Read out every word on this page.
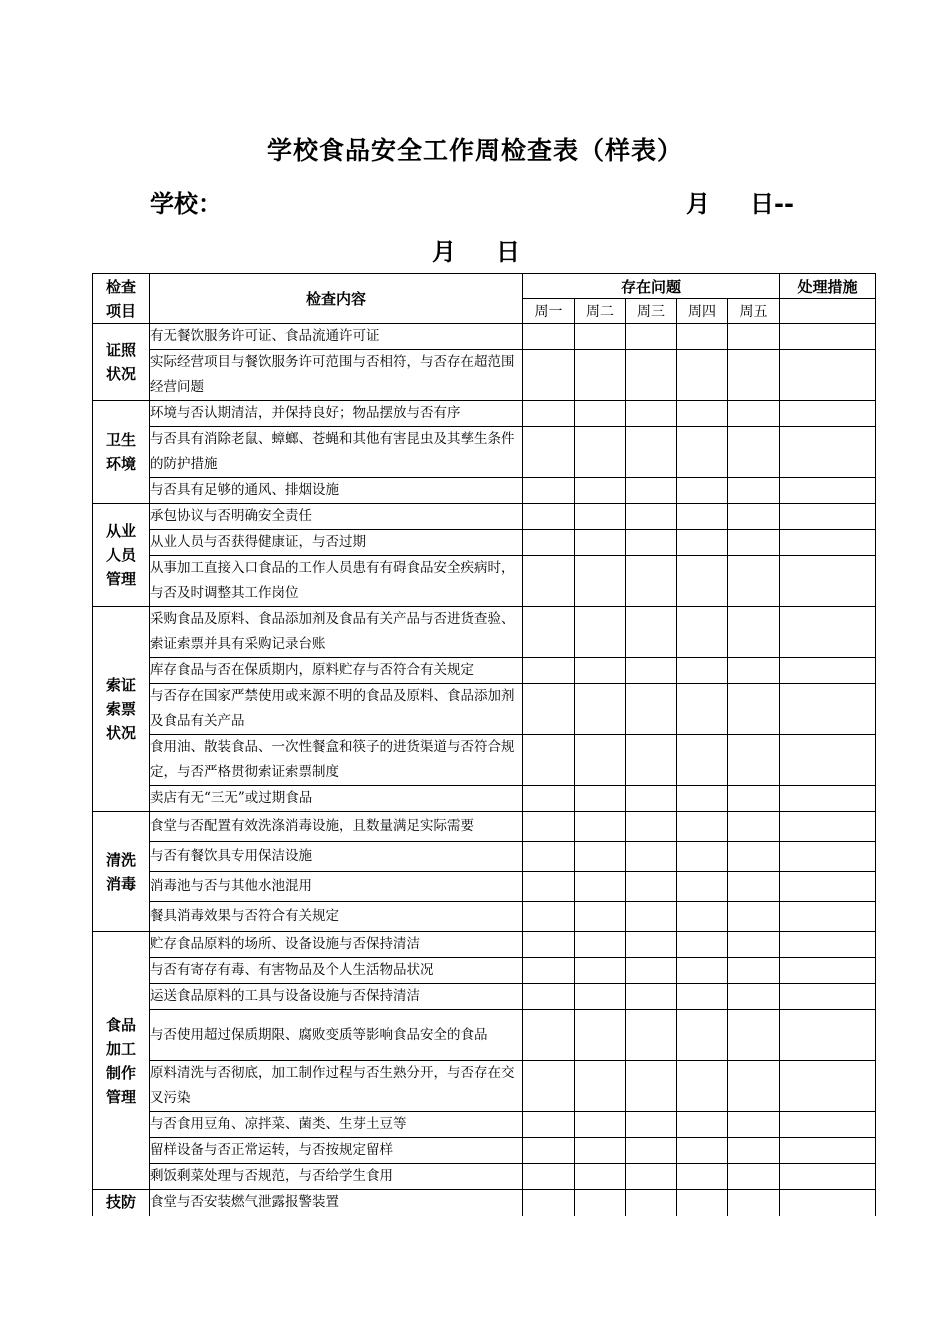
学校食品安全工作周检查表（样表）
学校：	月 日--
月 日
检查
项目	检查内容	存在问题					处理措施
		周一	周二	周三	周四	周五	
证照
状况	有无餐饮服务许可证、食品流通许可证						
	实际经营项目与餐饮服务许可范围与否相符，与否存在超范围经营问题						
卫生
环境	环境与否认期清洁，并保持良好；物品摆放与否有序						
	与否具有消除老鼠、蟑螂、苍蝇和其他有害昆虫及其孳生条件的防护措施						
	与否具有足够的通风、排烟设施						
从业
人员
管理	承包协议与否明确安全责任						
	从业人员与否获得健康证，与否过期						
	从事加工直接入口食品的工作人员患有有碍食品安全疾病时，与否及时调整其工作岗位						
索证
索票
状况	采购食品及原料、食品添加剂及食品有关产品与否进货查验、索证索票并具有采购记录台账						
	库存食品与否在保质期内，原料贮存与否符合有关规定						
	与否存在国家严禁使用或来源不明的食品及原料、食品添加剂及食品有关产品						
	食用油、散装食品、一次性餐盒和筷子的进货渠道与否符合规定，与否严格贯彻索证索票制度						
	卖店有无“三无”或过期食品						
清洗
消毒	食堂与否配置有效洗涤消毒设施，且数量满足实际需要						
	与否有餐饮具专用保洁设施						
	消毒池与否与其他水池混用						
	餐具消毒效果与否符合有关规定						
食品
加工
制作
管理	贮存食品原料的场所、设备设施与否保持清洁						
	与否有寄存有毒、有害物品及个人生活物品状况						
	运送食品原料的工具与设备设施与否保持清洁						
	与否使用超过保质期限、腐败变质等影响食品安全的食品						
	原料清洗与否彻底，加工制作过程与否生熟分开，与否存在交叉污染						
	与否食用豆角、凉拌菜、菌类、生芽土豆等						
	留样设备与否正常运转，与否按规定留样						
	剩饭剩菜处理与否规范，与否给学生食用						
技防	食堂与否安装燃气泄露报警装置						
